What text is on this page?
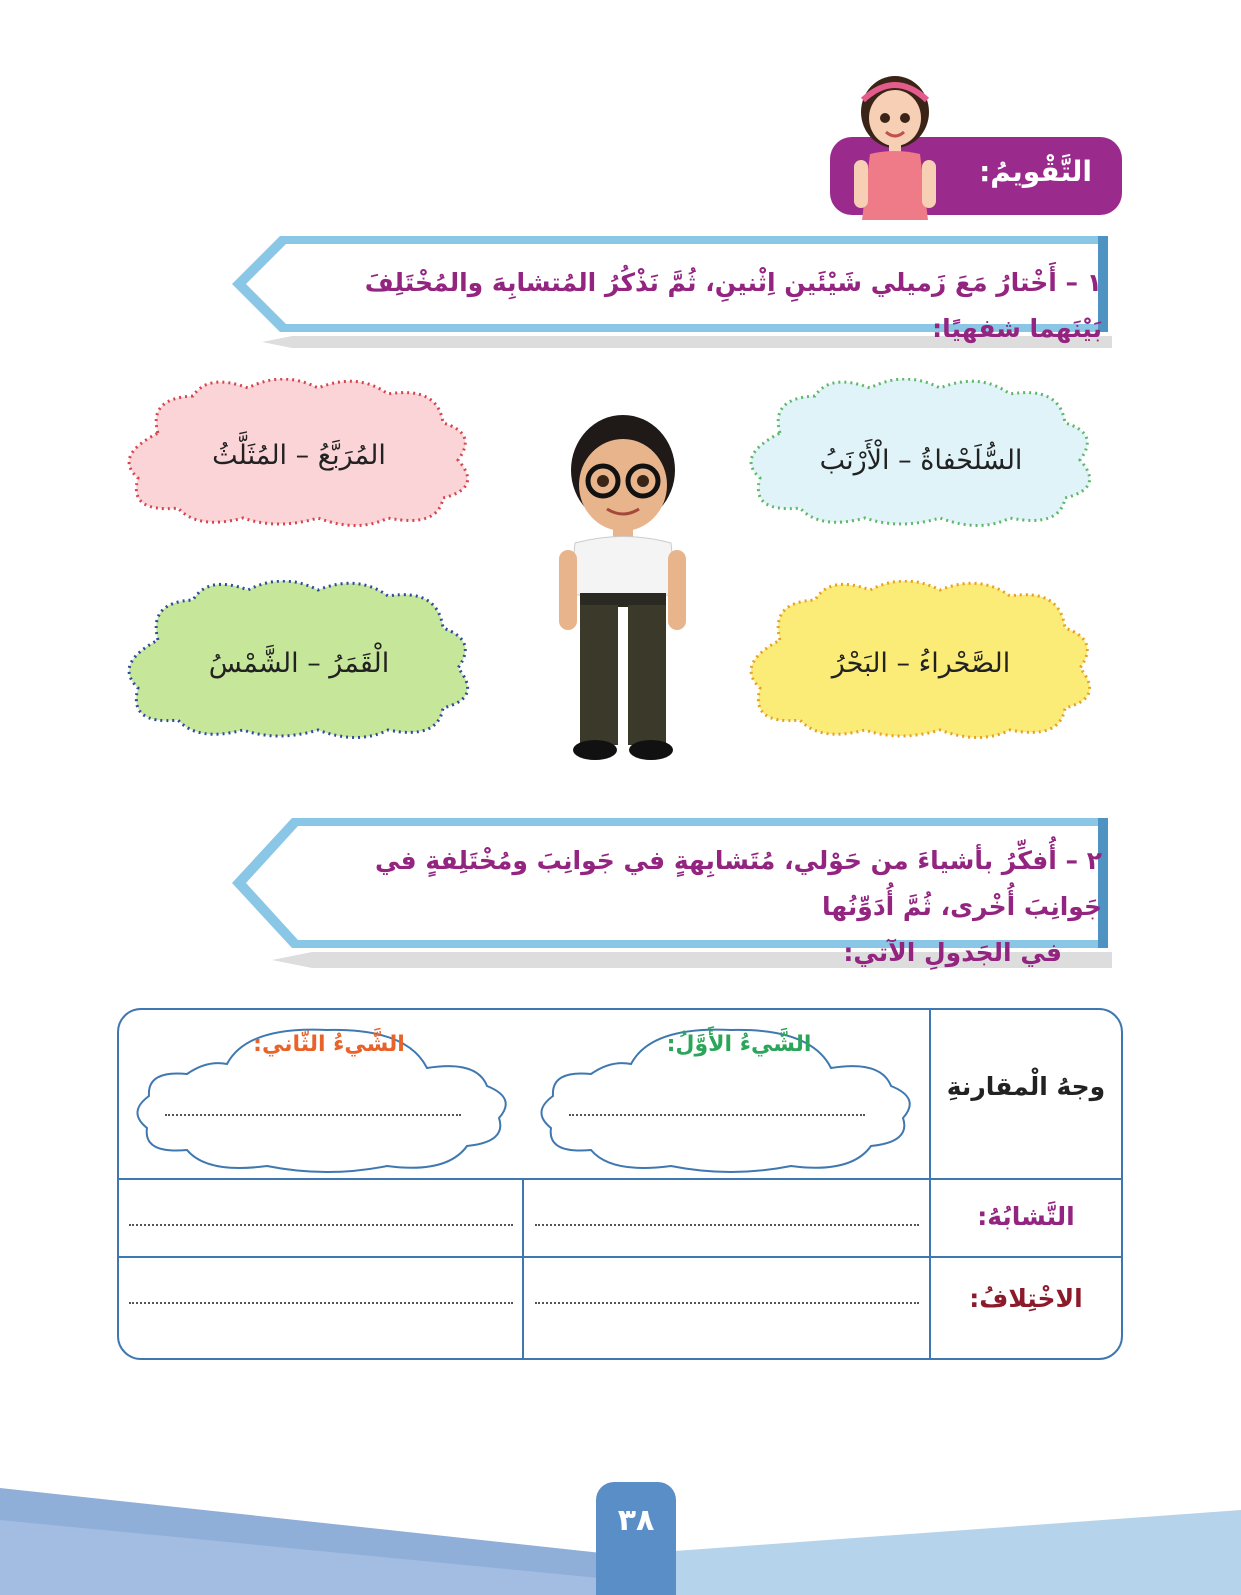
التَّقْويمُ:
١ – أَخْتارُ مَعَ زَميلي شَيْئَينِ اِثْنينِ، ثُمَّ نَذْكُرُ المُتشابِهَ والمُخْتَلِفَ بَيْنَهما شفهيًا:
المُرَبَّعُ – المُثَلَّثُ	السُّلَحْفاةُ – الْأَرْنَبُ
الْقَمَرُ – الشَّمْسُ	الصَّحْراءُ – البَحْرُ
٢ – أُفكِّرُ بأشياءَ من حَوْلي، مُتَشابِهةٍ في جَوانِبَ ومُخْتَلِفةٍ في جَوانِبَ أُخْرى، ثُمَّ أُدَوِّنُها
في الجَدولِ الآتي:
وجهُ الْمقارنةِ
الشَّيءُ الأَوَّلُ:
الشَّيءُ الثّاني:
التَّشابُهُ:
الاخْتِلافُ:
٣٨
